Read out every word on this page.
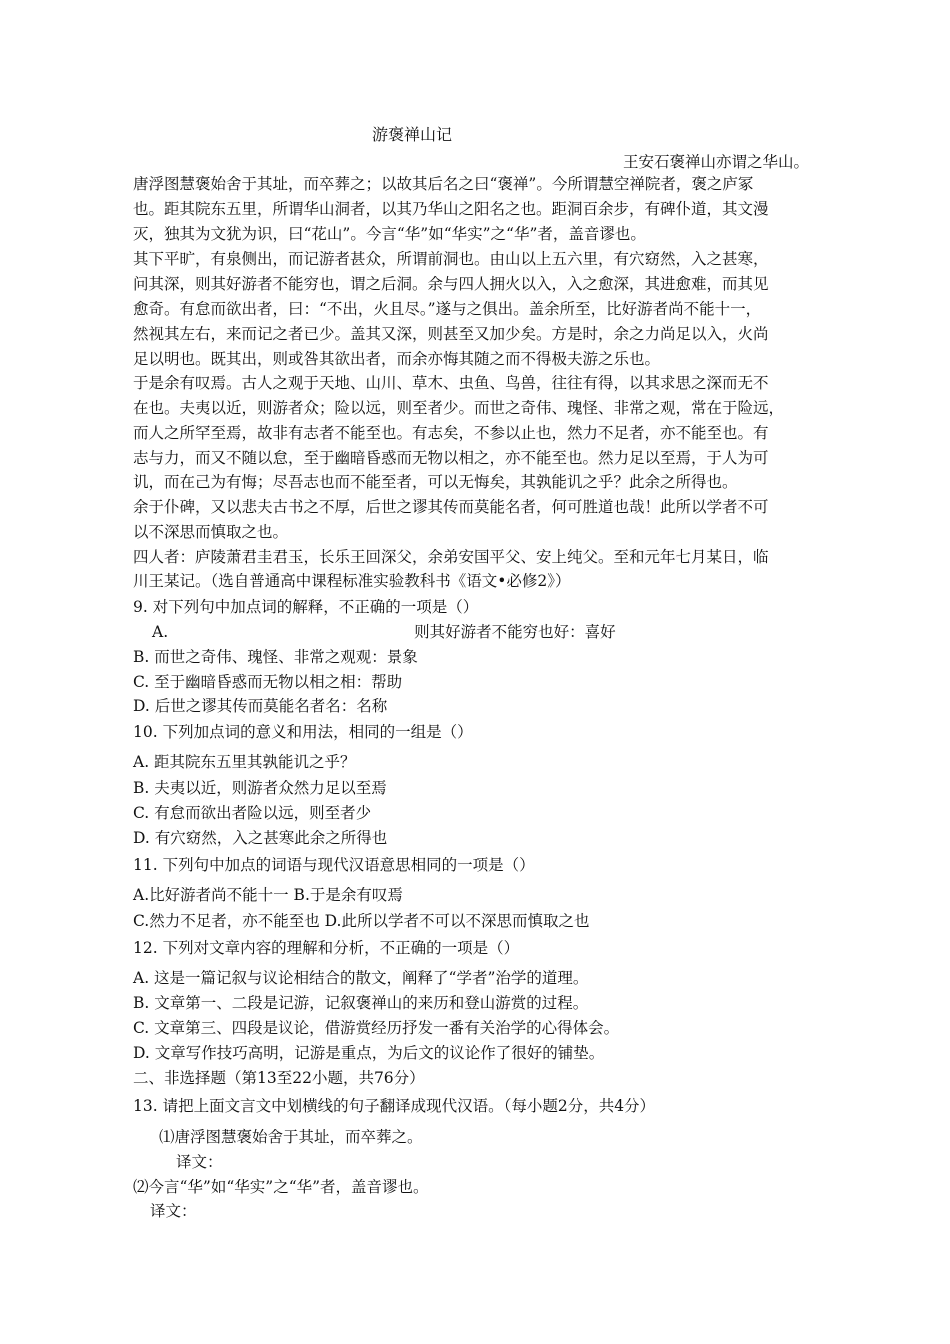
游褒禅山记
王安石褒禅山亦谓之华山。
唐浮图慧褒始舍于其址，而卒葬之；以故其后名之曰“褒禅”。今所谓慧空禅院者，褒之庐冢
也。距其院东五里，所谓华山洞者，以其乃华山之阳名之也。距洞百余步，有碑仆道，其文漫
灭，独其为文犹为识，曰“花山”。今言“华”如“华实”之“华”者，盖音谬也。
其下平旷，有泉侧出，而记游者甚众，所谓前洞也。由山以上五六里，有穴窈然，入之甚寒，
问其深，则其好游者不能穷也，谓之后洞。余与四人拥火以入，入之愈深，其进愈难，而其见
愈奇。有怠而欲出者，曰：“不出，火且尽。”遂与之俱出。盖余所至，比好游者尚不能十一，
然视其左右，来而记之者已少。盖其又深，则甚至又加少矣。方是时，余之力尚足以入，火尚
足以明也。既其出，则或咎其欲出者，而余亦悔其随之而不得极夫游之乐也。
于是余有叹焉。古人之观于天地、山川、草木、虫鱼、鸟兽，往往有得，以其求思之深而无不
在也。夫夷以近，则游者众；险以远，则至者少。而世之奇伟、瑰怪、非常之观，常在于险远，
而人之所罕至焉，故非有志者不能至也。有志矣，不参以止也，然力不足者，亦不能至也。有
志与力，而又不随以怠，至于幽暗昏惑而无物以相之，亦不能至也。然力足以至焉，于人为可
讥，而在己为有悔；尽吾志也而不能至者，可以无悔矣，其孰能讥之乎？此余之所得也。
余于仆碑，又以悲夫古书之不厚，后世之谬其传而莫能名者，何可胜道也哉！此所以学者不可
以不深思而慎取之也。
四人者：庐陵萧君圭君玉，长乐王回深父，余弟安国平父、安上纯父。至和元年七月某日，临
川王某记。（选自普通高中课程标准实验教科书《语文•必修2》）
9. 对下列句中加点词的解释，不正确的一项是（）
A.	则其好游者不能穷也好：喜好
B. 而世之奇伟、瑰怪、非常之观观：景象
C. 至于幽暗昏惑而无物以相之相：帮助
D. 后世之谬其传而莫能名者名：名称
10. 下列加点词的意义和用法，相同的一组是（）
A. 距其院东五里其孰能讥之乎？
B. 夫夷以近，则游者众然力足以至焉
C. 有怠而欲出者险以远，则至者少
D. 有穴窈然，入之甚寒此余之所得也
11. 下列句中加点的词语与现代汉语意思相同的一项是（）
A.比好游者尚不能十一 B.于是余有叹焉
C.然力不足者，亦不能至也 D.此所以学者不可以不深思而慎取之也
12. 下列对文章内容的理解和分析，不正确的一项是（）
A. 这是一篇记叙与议论相结合的散文，阐释了“学者”治学的道理。
B. 文章第一、二段是记游，记叙褒禅山的来历和登山游赏的过程。
C. 文章第三、四段是议论，借游赏经历抒发一番有关治学的心得体会。
D. 文章写作技巧高明，记游是重点，为后文的议论作了很好的铺垫。
二、非选择题（第13至22小题，共76分）
13. 请把上面文言文中划横线的句子翻译成现代汉语。（每小题2分，共4分）
⑴唐浮图慧褒始舍于其址，而卒葬之。
译文：
⑵今言“华”如“华实”之“华”者，盖音谬也。
译文：
